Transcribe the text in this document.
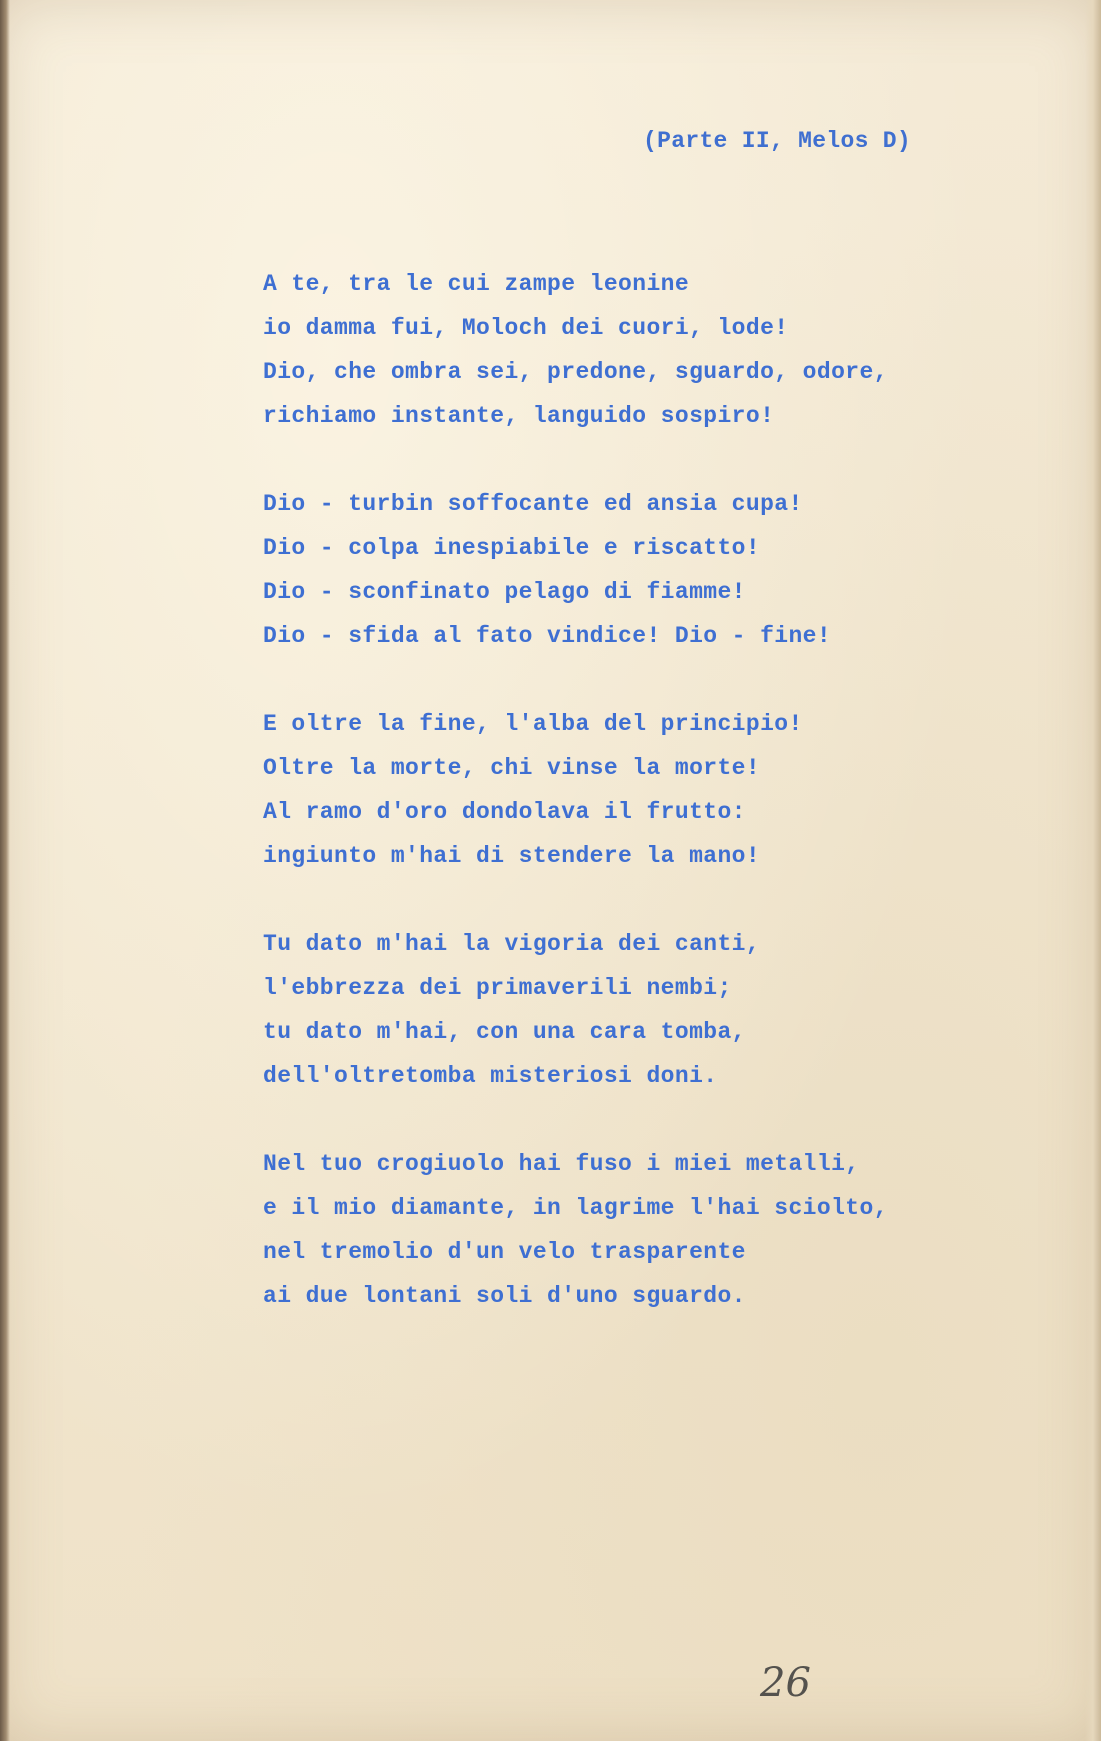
(Parte II, Melos D)
A te, tra le cui zampe leonine
io damma fui, Moloch dei cuori, lode!
Dio, che ombra sei, predone, sguardo, odore,
richiamo instante, languido sospiro!
Dio - turbin soffocante ed ansia cupa!
Dio - colpa inespiabile e riscatto!
Dio - sconfinato pelago di fiamme!
Dio - sfida al fato vindice! Dio - fine!
E oltre la fine, l'alba del principio!
Oltre la morte, chi vinse la morte!
Al ramo d'oro dondolava il frutto:
ingiunto m'hai di stendere la mano!
Tu dato m'hai la vigoria dei canti,
l'ebbrezza dei primaverili nembi;
tu dato m'hai, con una cara tomba,
dell'oltretomba misteriosi doni.
Nel tuo crogiuolo hai fuso i miei metalli,
e il mio diamante, in lagrime l'hai sciolto,
nel tremolio d'un velo trasparente
ai due lontani soli d'uno sguardo.
26
